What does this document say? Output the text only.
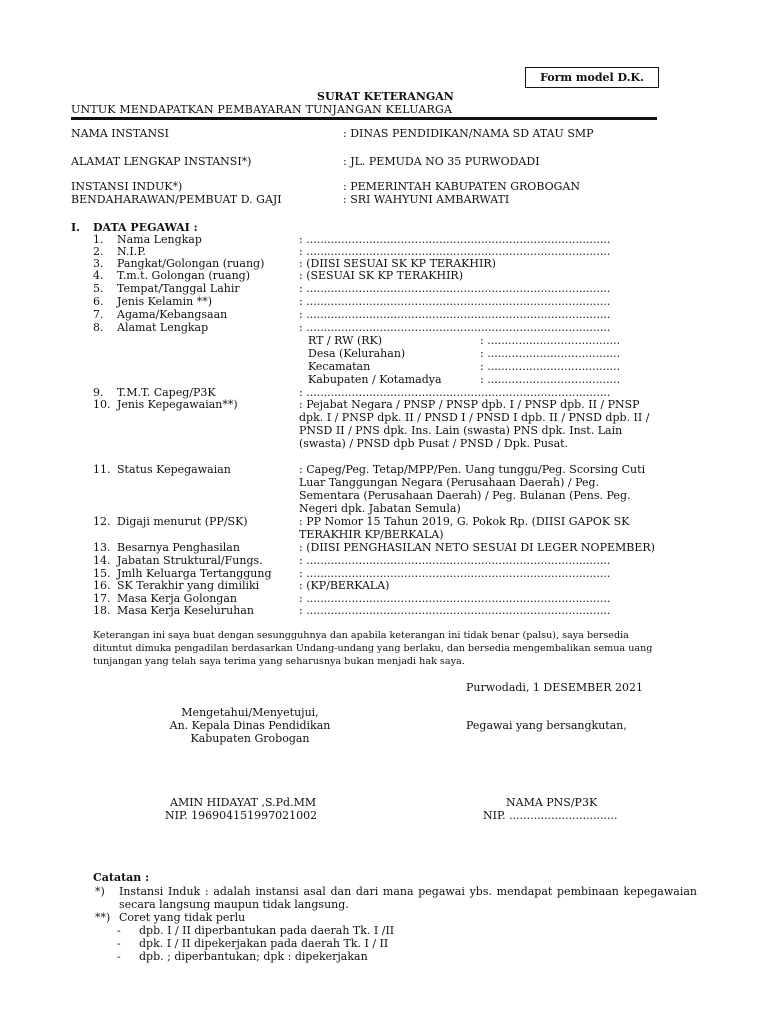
Form model D.K.
SURAT KETERANGAN
UNTUK MENDAPATKAN PEMBAYARAN TUNJANGAN KELUARGA
NAMA INSTANSI	: DINAS PENDIDIKAN/NAMA SD ATAU SMP
ALAMAT LENGKAP INSTANSI*)	: JL. PEMUDA NO 35 PURWODADI
INSTANSI INDUK*)	: PEMERINTAH KABUPATEN GROBOGAN
BENDAHARAWAN/PEMBUAT D. GAJI	: SRI WAHYUNI AMBARWATI
I. DATA PEGAWAI :
1.	Nama Lengkap	: .......................................................................................
2.	N.I.P.	: .......................................................................................
3.	Pangkat/Golongan (ruang)	: (DIISI SESUAI SK KP TERAKHIR)
4.	T.m.t. Golongan (ruang)	: (SESUAI SK KP TERAKHIR)
5.	Tempat/Tanggal Lahir	: .......................................................................................
6.	Jenis Kelamin **)	: .......................................................................................
7.	Agama/Kebangsaan	: .......................................................................................
8.	Alamat Lengkap	: .......................................................................................
RT / RW (RK)	: ......................................
Desa (Kelurahan)	: ......................................
Kecamatan	: ......................................
Kabupaten / Kotamadya	: ......................................
9.	T.M.T. Capeg/P3K	: .......................................................................................
10. Jenis Kepegawaian**)	: Pejabat Negara / PNSP / PNSP dpb. I / PNSP dpb. II / PNSP dpk. I / PNSP dpk. II / PNSD I / PNSD I dpb. II / PNSD dpb. II / PNSD II / PNS dpk. Ins. Lain (swasta) PNS dpk. Inst. Lain (swasta) / PNSD dpb Pusat / PNSD / Dpk. Pusat.
11. Status Kepegawaian	: Capeg/Peg. Tetap/MPP/Pen. Uang tunggu/Peg. Scorsing Cuti Luar Tanggungan Negara (Perusahaan Daerah) / Peg. Sementara (Perusahaan Daerah) / Peg. Bulanan (Pens. Peg. Negeri dpk. Jabatan Semula)
12. Digaji menurut (PP/SK)	: PP Nomor 15 Tahun 2019, G. Pokok Rp. (DIISI GAPOK SK TERAKHIR KP/BERKALA)
13. Besarnya Penghasilan	: (DIISI PENGHASILAN NETO SESUAI DI LEGER NOPEMBER)
14. Jabatan Struktural/Fungs.	: .......................................................................................
15. Jmlh Keluarga Tertanggung	: .......................................................................................
16. SK Terakhir yang dimiliki	: (KP/BERKALA)
17. Masa Kerja Golongan	: .......................................................................................
18. Masa Kerja Keseluruhan	: .......................................................................................
Keterangan ini saya buat dengan sesungguhnya dan apabila keterangan ini tidak benar (palsu), saya bersedia dituntut dimuka pengadilan berdasarkan Undang-undang yang berlaku, dan bersedia mengembalikan semua uang tunjangan yang telah saya terima yang seharusnya bukan menjadi hak saya.
Purwodadi, 1 DESEMBER 2021
Mengetahui/Menyetujui,
An. Kepala Dinas Pendidikan
Kabupaten Grobogan
Pegawai yang bersangkutan,
AMIN HIDAYAT ,S.Pd.MM
NIP. 196904151997021002
NAMA PNS/P3K
NIP. ...............................
Catatan :
*) Instansi Induk : adalah instansi asal dan dari mana pegawai ybs. mendapat pembinaan kepegawaian secara langsung maupun tidak langsung.
**) Coret yang tidak perlu
- dpb. I / II diperbantukan pada daerah Tk. I /II
- dpk. I / II dipekerjakan pada daerah Tk. I / II
- dpb. ; diperbantukan; dpk : dipekerjakan
